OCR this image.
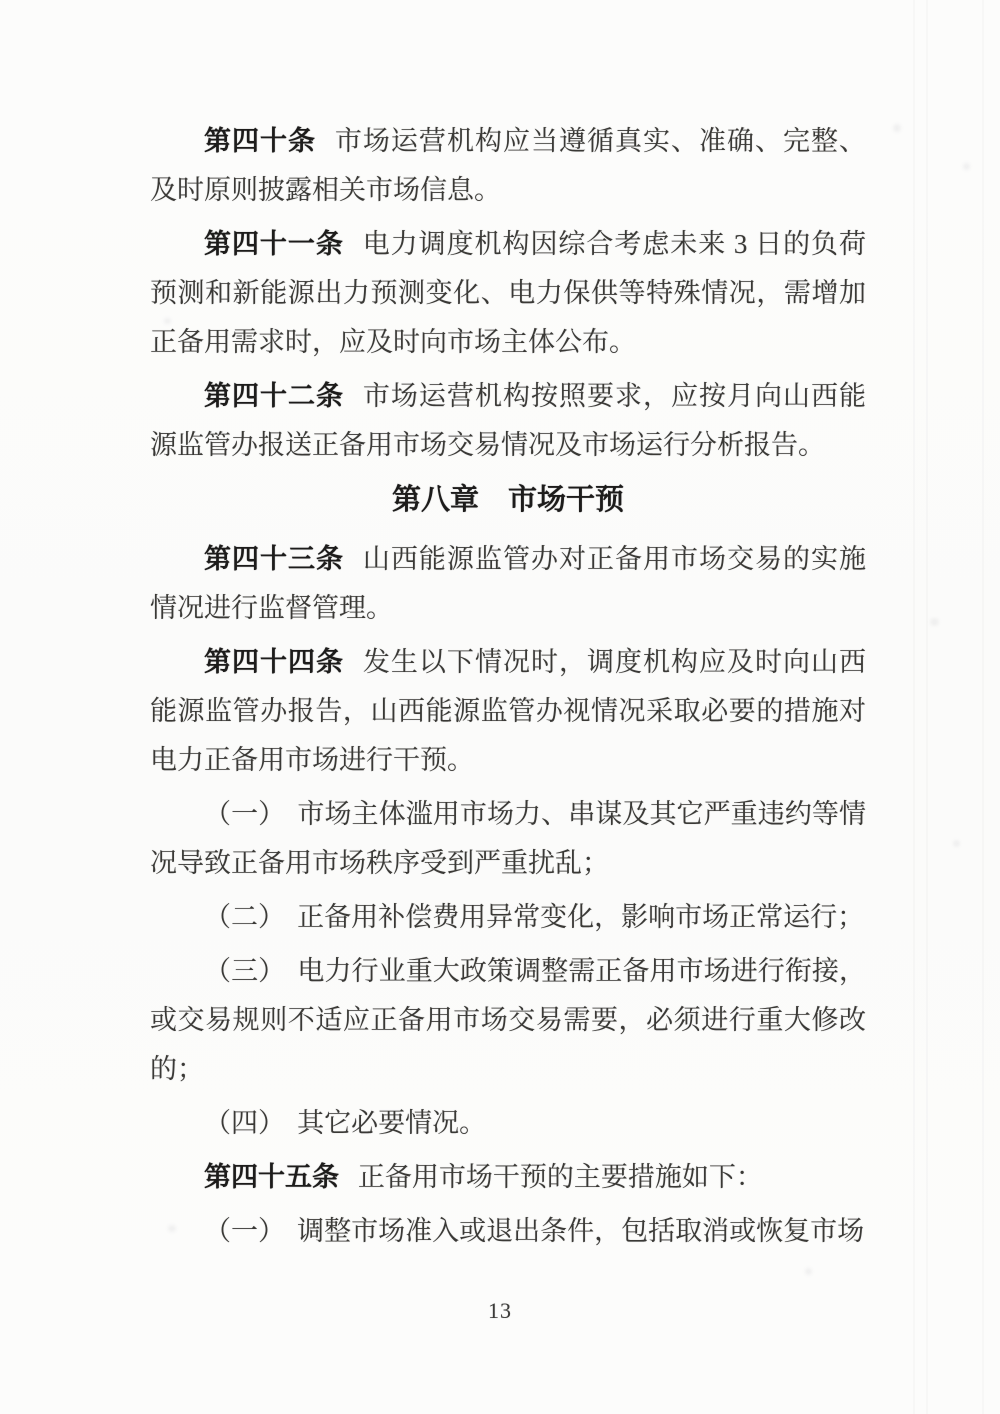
第四十条 市场运营机构应当遵循真实、准确、完整、及时原则披露相关市场信息。

第四十一条 电力调度机构因综合考虑未来 3 日的负荷预测和新能源出力预测变化、电力保供等特殊情况，需增加正备用需求时，应及时向市场主体公布。

第四十二条 市场运营机构按照要求，应按月向山西能源监管办报送正备用市场交易情况及市场运行分析报告。

第八章　市场干预

第四十三条 山西能源监管办对正备用市场交易的实施情况进行监督管理。

第四十四条 发生以下情况时，调度机构应及时向山西能源监管办报告，山西能源监管办视情况采取必要的措施对电力正备用市场进行干预。

（一） 市场主体滥用市场力、串谋及其它严重违约等情况导致正备用市场秩序受到严重扰乱；

（二） 正备用补偿费用异常变化，影响市场正常运行；

（三） 电力行业重大政策调整需正备用市场进行衔接，或交易规则不适应正备用市场交易需要，必须进行重大修改的；

（四） 其它必要情况。

第四十五条 正备用市场干预的主要措施如下：

（一） 调整市场准入或退出条件，包括取消或恢复市场

13
